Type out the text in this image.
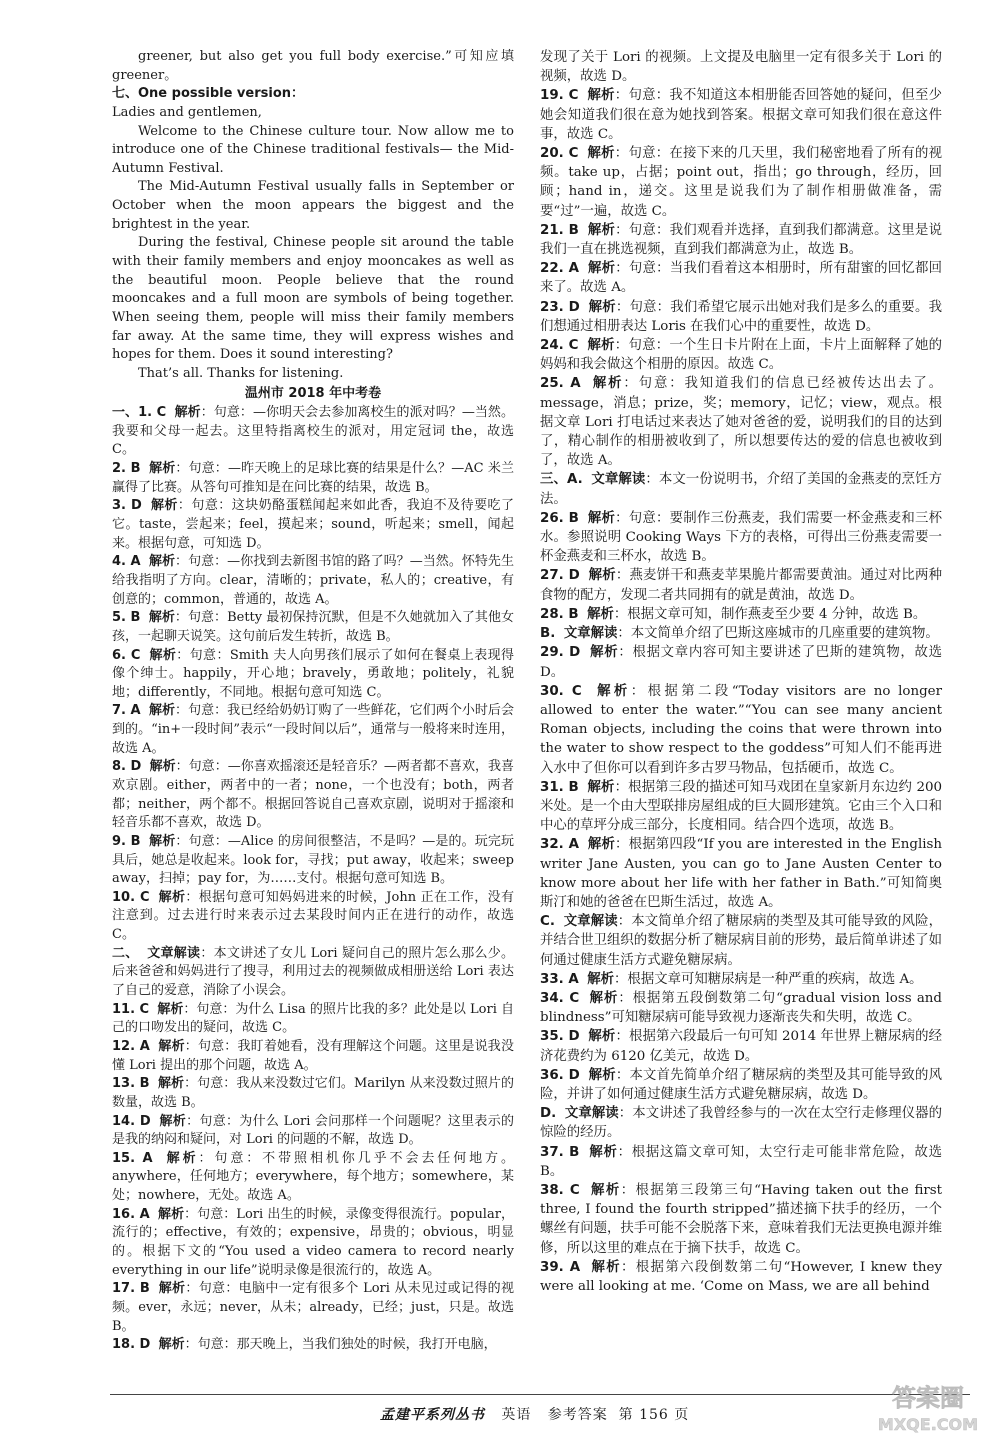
greener, but also get you full body exercise.”可知应填 greener。

七、One possible version：

Ladies and gentlemen,

Welcome to the Chinese culture tour. Now allow me to introduce one of the Chinese traditional festivals— the Mid-Autumn Festival.

The Mid-Autumn Festival usually falls in September or October when the moon appears the biggest and the brightest in the year.

During the festival, Chinese people sit around the table with their family members and enjoy mooncakes as well as the beautiful moon. People believe that the round mooncakes and a full moon are symbols of being together. When seeing them, people will miss their family members far away. At the same time, they will express wishes and hopes for them. Does it sound interesting?

That’s all. Thanks for listening.

温州市 2018 年中考卷

一、1. C 解析：句意：—你明天会去参加离校生的派对吗？—当然。我要和父母一起去。这里特指离校生的派对，用定冠词 the，故选 C。

2. B 解析：句意：—昨天晚上的足球比赛的结果是什么？—AC 米兰赢得了比赛。从答句可推知是在问比赛的结果，故选 B。

3. D 解析：句意：这块奶酪蛋糕闻起来如此香，我迫不及待要吃了它。taste，尝起来；feel，摸起来；sound，听起来；smell，闻起来。根据句意，可知选 D。

4. A 解析：句意：—你找到去新图书馆的路了吗？—当然。怀特先生给我指明了方向。clear，清晰的；private，私人的；creative，有创意的；common，普通的，故选 A。

5. B 解析：句意：Betty 最初保持沉默，但是不久她就加入了其他女孩，一起聊天说笑。这句前后发生转折，故选 B。

6. C 解析：句意：Smith 夫人向男孩们展示了如何在餐桌上表现得像个绅士。happily，开心地；bravely，勇敢地；politely，礼貌地；differently，不同地。根据句意可知选 C。

7. A 解析：句意：我已经给奶奶订购了一些鲜花，它们两个小时后会到的。“in+一段时间”表示“一段时间以后”，通常与一般将来时连用，故选 A。

8. D 解析：句意：—你喜欢摇滚还是轻音乐？—两者都不喜欢，我喜欢京剧。either，两者中的一者；none，一个也没有；both，两者都；neither，两个都不。根据回答说自己喜欢京剧，说明对于摇滚和轻音乐都不喜欢，故选 D。

9. B 解析：句意：—Alice 的房间很整洁，不是吗？—是的。玩完玩具后，她总是收起来。look for，寻找；put away，收起来；sweep away，扫掉；pay for，为……支付。根据句意可知选 B。

10. C 解析：根据句意可知妈妈进来的时候，John 正在工作，没有注意到。过去进行时来表示过去某段时间内正在进行的动作，故选 C。

二、 文章解读：本文讲述了女儿 Lori 疑问自己的照片怎么那么少。后来爸爸和妈妈进行了搜寻，利用过去的视频做成相册送给 Lori 表达了自己的爱意，消除了小误会。

11. C 解析：句意：为什么 Lisa 的照片比我的多？此处是以 Lori 自己的口吻发出的疑问，故选 C。

12. A 解析：句意：我盯着她看，没有理解这个问题。这里是说我没懂 Lori 提出的那个问题，故选 A。

13. B 解析：句意：我从来没数过它们。Marilyn 从来没数过照片的数量，故选 B。

14. D 解析：句意：为什么 Lori 会问那样一个问题呢？这里表示的是我的纳闷和疑问，对 Lori 的问题的不解，故选 D。

15. A 解析：句意：不带照相机你几乎不会去任何地方。anywhere，任何地方；everywhere，每个地方；somewhere，某处；nowhere，无处。故选 A。

16. A 解析：句意：Lori 出生的时候，录像变得很流行。popular，流行的；effective，有效的；expensive，昂贵的；obvious，明显的。根据下文的“You used a video camera to record nearly everything in our life”说明录像是很流行的，故选 A。

17. B 解析：句意：电脑中一定有很多个 Lori 从未见过或记得的视频。ever，永远；never，从未；already，已经；just，只是。故选 B。

18. D 解析：句意：那天晚上，当我们独处的时候，我打开电脑，

发现了关于 Lori 的视频。上文提及电脑里一定有很多关于 Lori 的视频，故选 D。

19. C 解析：句意：我不知道这本相册能否回答她的疑问，但至少她会知道我们很在意为她找到答案。根据文章可知我们很在意这件事，故选 C。

20. C 解析：句意：在接下来的几天里，我们秘密地看了所有的视频。take up，占据；point out，指出；go through，经历，回顾；hand in，递交。这里是说我们为了制作相册做准备，需要“过”一遍，故选 C。

21. B 解析：句意：我们观看并选择，直到我们都满意。这里是说我们一直在挑选视频，直到我们都满意为止，故选 B。

22. A 解析：句意：当我们看着这本相册时，所有甜蜜的回忆都回来了。故选 A。

23. D 解析：句意：我们希望它展示出她对我们是多么的重要。我们想通过相册表达 Loris 在我们心中的重要性，故选 D。

24. C 解析：句意：一个生日卡片附在上面，卡片上面解释了她的妈妈和我会做这个相册的原因。故选 C。

25. A 解析：句意：我知道我们的信息已经被传达出去了。message，消息；prize，奖；memory，记忆；view，观点。根据文章 Lori 打电话过来表达了她对爸爸的爱，说明我们的目的达到了，精心制作的相册被收到了，所以想要传达的爱的信息也被收到了，故选 A。

三、A. 文章解读：本文一份说明书，介绍了美国的金燕麦的烹饪方法。

26. B 解析：句意：要制作三份燕麦，我们需要一杯金燕麦和三杯水。参照说明 Cooking Ways 下方的表格，可得出三份燕麦需要一杯金燕麦和三杯水，故选 B。

27. D 解析：燕麦饼干和燕麦苹果脆片都需要黄油。通过对比两种食物的配方，发现二者共同拥有的就是黄油，故选 D。

28. B 解析：根据文章可知，制作燕麦至少要 4 分钟，故选 B。

B. 文章解读：本文简单介绍了巴斯这座城市的几座重要的建筑物。

29. D 解析：根据文章内容可知主要讲述了巴斯的建筑物，故选 D。

30. C 解析：根据第二段“Today visitors are no longer allowed to enter the water.”“You can see many ancient Roman objects, including the coins that were thrown into the water to show respect to the goddess”可知人们不能再进入水中了但你可以看到许多古罗马物品，包括硬币，故选 C。

31. B 解析：根据第三段的描述可知马戏团在皇家新月东边约 200 米处。是一个由大型联排房屋组成的巨大圆形建筑。它由三个入口和中心的草坪分成三部分，长度相同。结合四个选项，故选 B。

32. A 解析：根据第四段“If you are interested in the English writer Jane Austen, you can go to Jane Austen Center to know more about her life with her father in Bath.”可知简奥斯汀和她的爸爸在巴斯生活过，故选 A。

C. 文章解读：本文简单介绍了糖尿病的类型及其可能导致的风险，并结合世卫组织的数据分析了糖尿病目前的形势，最后简单讲述了如何通过健康生活方式避免糖尿病。

33. A 解析：根据文章可知糖尿病是一种严重的疾病，故选 A。

34. C 解析：根据第五段倒数第二句“gradual vision loss and blindness”可知糖尿病可能导致视力逐渐丧失和失明，故选 C。

35. D 解析：根据第六段最后一句可知 2014 年世界上糖尿病的经济花费约为 6120 亿美元，故选 D。

36. D 解析：本文首先简单介绍了糖尿病的类型及其可能导致的风险，并讲了如何通过健康生活方式避免糖尿病，故选 D。

D. 文章解读：本文讲述了我曾经参与的一次在太空行走修理仪器的惊险的经历。

37. B 解析：根据这篇文章可知，太空行走可能非常危险，故选 B。

38. C 解析：根据第三段第三句“Having taken out the first three, I found the fourth stripped”描述摘下扶手的经历，一个螺丝有问题，扶手可能不会脱落下来，意味着我们无法更换电源并维修，所以这里的难点在于摘下扶手，故选 C。

39. A 解析：根据第六段倒数第二句“However, I knew they were all looking at me. ‘Come on Mass, we are all behind

孟建平系列丛书 英语 参考答案 第 156 页
答案圈
MXQE.COM
